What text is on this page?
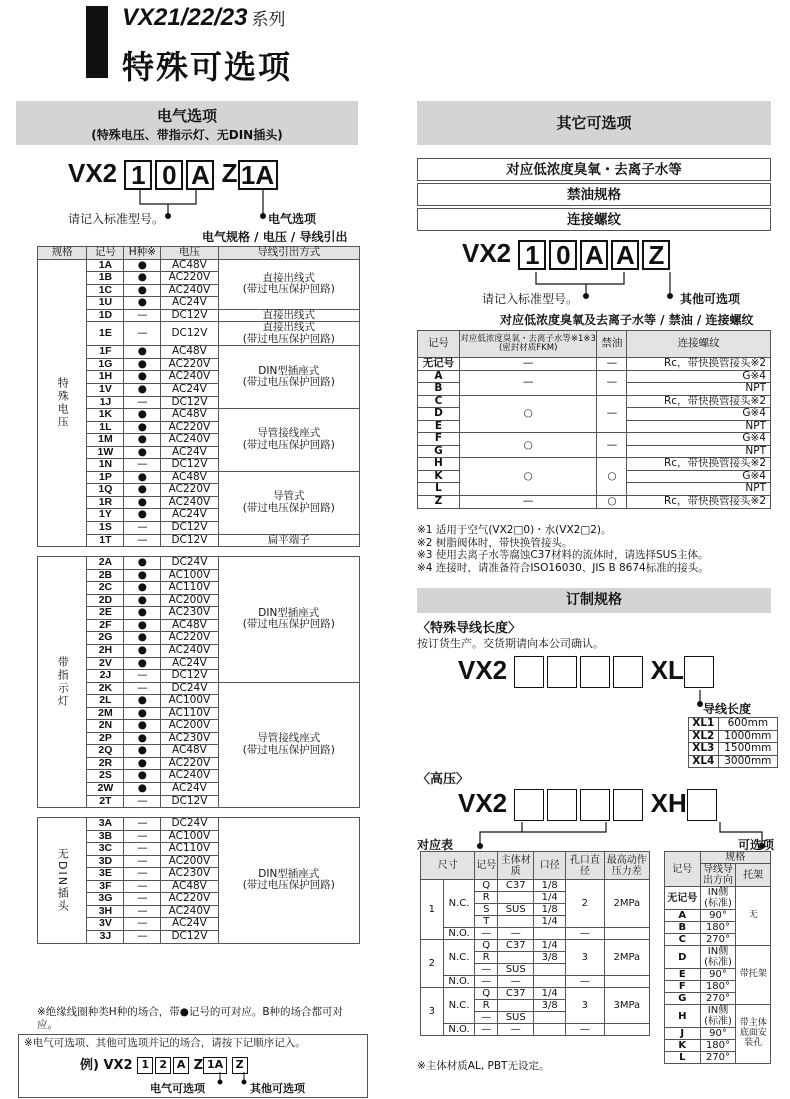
VX21/22/23 系列
特殊可选项
电气选项
(特殊电压、带指示灯、无DIN插头)
VX2 1 0 A Z 1A
请记入标准型号。	电气选项
电气规格 / 电压 / 导线引出
规格	记号	H种※	电压	导线引出方式
特殊电压	1A	●	AC48V	直接出线式
(带过电压保护回路)
	1B	●	AC220V	
	1C	●	AC240V	
	1U	●	AC24V	
	1D	—	DC12V	直接出线式
	1E	—	DC12V	直接出线式
(带过电压保护回路)
	1F	●	AC48V	DIN型插座式
(带过电压保护回路)
	1G	●	AC220V	
	1H	●	AC240V	
	1V	●	AC24V	
	1J	—	DC12V	
	1K	●	AC48V	导管接线座式
(带过电压保护回路)
	1L	●	AC220V	
	1M	●	AC240V	
	1W	●	AC24V	
	1N	—	DC12V	
	1P	●	AC48V	导管式
(带过电压保护回路)
	1Q	●	AC220V	
	1R	●	AC240V	
	1Y	●	AC24V	
	1S	—	DC12V	
	1T	—	DC12V	扁平端子

带指示灯	2A	●	DC24V	DIN型插座式
(带过电压保护回路)
	2B	●	AC100V	
	2C	●	AC110V	
	2D	●	AC200V	
	2E	●	AC230V	
	2F	●	AC48V	
	2G	●	AC220V	
	2H	●	AC240V	
	2V	●	AC24V	
	2J	—	DC12V	
	2K	—	DC24V	导管接线座式
(带过电压保护回路)
	2L	●	AC100V	
	2M	●	AC110V	
	2N	●	AC200V	
	2P	●	AC230V	
	2Q	●	AC48V	
	2R	●	AC220V	
	2S	●	AC240V	
	2W	●	AC24V	
	2T	—	DC12V	

无DIN插头	3A	—	DC24V	DIN型插座式
(带过电压保护回路)
	3B	—	AC100V	
	3C	—	AC110V	
	3D	—	AC200V	
	3E	—	AC230V	
	3F	—	AC48V	
	3G	—	AC220V	
	3H	—	AC240V	
	3V	—	AC24V	
	3J	—	DC12V	
※绝缘线圈种类H种的场合，带●记号的可对应。B种的场合都可对应。
※电气可选项、其他可选项并记的场合，请按下记顺序记入。
例) VX2 1 2 A Z 1A Z
电气可选项	其他可选项
其它可选项
对应低浓度臭氧・去离子水等
禁油规格
连接螺纹
VX2 1 0 A A Z
请记入标准型号。	其他可选项
对应低浓度臭氧及去离子水等 / 禁油 / 连接螺纹
记号	对应低浓度臭氧・去离子水等※1※3
(密封材质FKM)	禁油	连接螺纹
无记号	—	—	Rc，带快换管接头※2
A	—	—	G※4
B			NPT
C	○	—	Rc，带快换管接头※2
D			G※4
E			NPT
F	○	—	G※4
G			NPT
H	○	○	Rc，带快换管接头※2
K			G※4
L			NPT
Z	—	○	Rc，带快换管接头※2
※1 适用于空气(VX2□0)・水(VX2□2)。
※2 树脂阀体时，带快换管接头。
※3 使用去离子水等腐蚀C37材料的流体时，请选择SUS主体。
※4 连接时，请准备符合ISO16030、JIS B 8674标准的接头。
订制规格
〈特殊导线长度〉
按订货生产。交货期请向本公司确认。
VX2	XL
导线长度
XL1	600mm
XL2	1000mm
XL3	1500mm
XL4	3000mm
〈高压〉
VX2	XH
对应表	可选项
尺寸		记号	主体材质	口径	孔口直径	最高动作压力差
1	N.C.	Q	C37	1/8	2	2MPa
		R		1/4		
		S	SUS	1/8		
		T		1/4		
	N.O.	—	—		—	
2	N.C.	Q	C37	1/4	3	2MPa
		R		3/8		
		—	SUS			
	N.O.	—	—		—	
3	N.C.	Q	C37	1/4	3	3MPa
		R		3/8		
		—	SUS			
	N.O.	—	—		—	
※主体材质AL, PBT无设定。
记号	规格	
	导线导出方向	托架
无记号	IN侧
(标准)	无
A	90°	
B	180°	
C	270°	
D	IN侧
(标准)	带托架
E	90°	
F	180°	
G	270°	
H	IN侧
(标准)	带主体底面安装孔
J	90°	
K	180°	
L	270°	
